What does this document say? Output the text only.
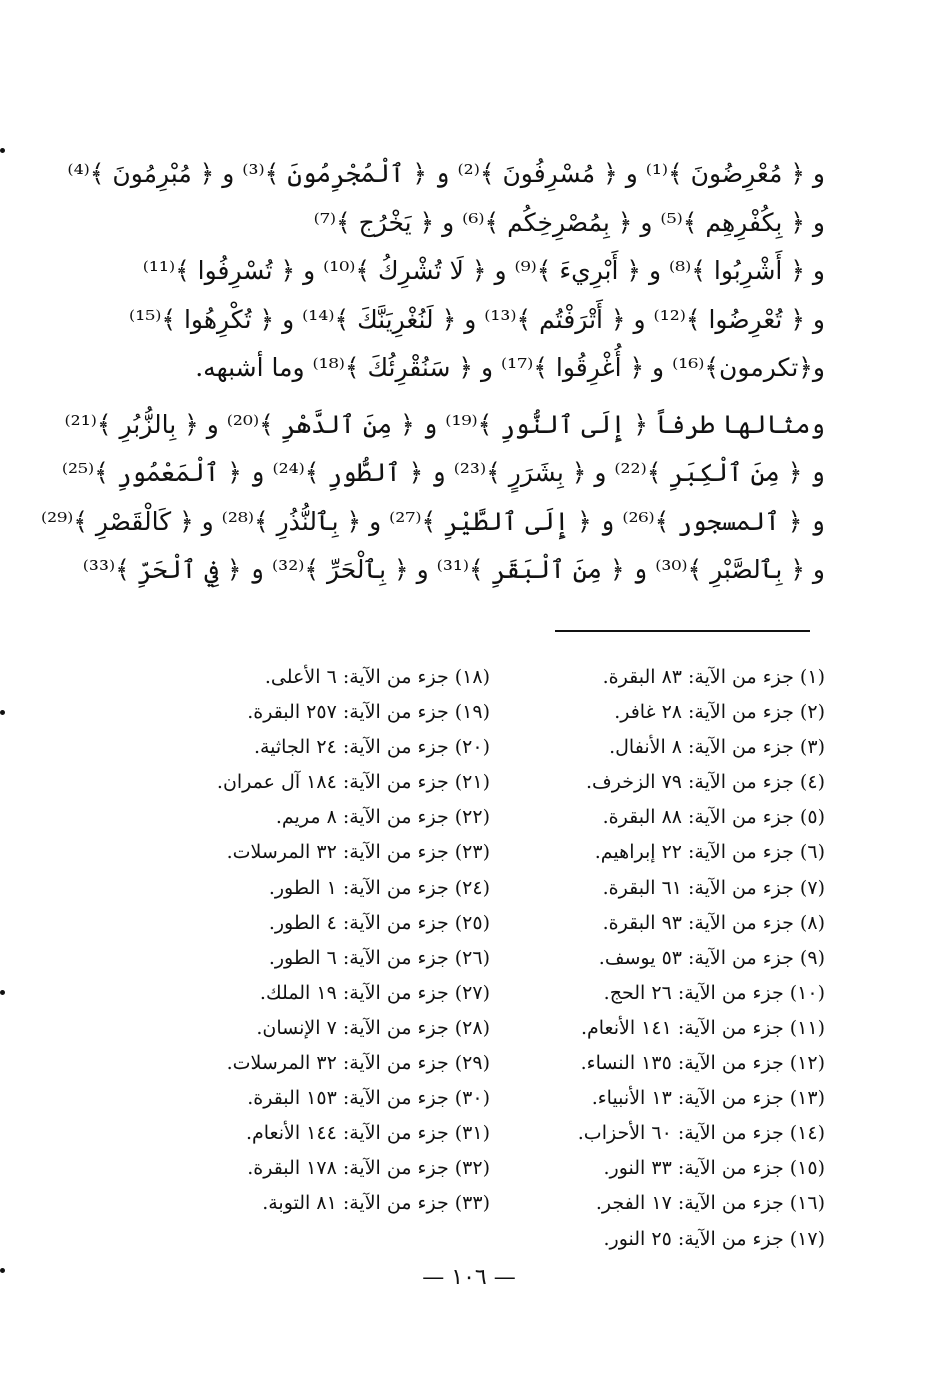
و ﴿ مُعْرِضُونَ ﴾⁽¹⁾ و ﴿ مُسْرِفُونَ ﴾⁽²⁾ و ﴿ ٱلْمُجْرِمُونَ ﴾⁽³⁾ و ﴿ مُبْرِمُونَ ﴾⁽⁴⁾
و ﴿ بِكُفْرِهِم ﴾⁽⁵⁾ و ﴿ بِمُصْرِخِكُم ﴾⁽⁶⁾ و ﴿ يَخْرُج ﴾⁽⁷⁾
و ﴿ أَشْرِبُوا ﴾⁽⁸⁾ و ﴿ أَبْرِيءَ ﴾⁽⁹⁾ و ﴿ لَا تُشْرِكُ ﴾⁽¹⁰⁾ و ﴿ تُسْرِفُوا ﴾⁽¹¹⁾
و ﴿ تُعْرِضُوا ﴾⁽¹²⁾ و ﴿ أَتْرَفْتُم ﴾⁽¹³⁾ و ﴿ لَنُغْرِيَنَّكَ ﴾⁽¹⁴⁾ و ﴿ تُكْرِهُوا ﴾⁽¹⁵⁾
و﴿تكرمون﴾⁽¹⁶⁾ و ﴿ أُغْرِقُوا ﴾⁽¹⁷⁾ و ﴿ سَنُقْرِئُكَ ﴾⁽¹⁸⁾ وما أشبهه.
ومثالها طرفاً ﴿ إِلَى ٱلنُّورِ ﴾⁽¹⁹⁾ و ﴿ مِنَ ٱلدَّهْرِ ﴾⁽²⁰⁾ و ﴿ بِالزُّبُرِ ﴾⁽²¹⁾
و ﴿ مِنَ ٱلْكِبَرِ ﴾⁽²²⁾ و ﴿ بِشَرَرٍ ﴾⁽²³⁾ و ﴿ ٱلطُّورِ ﴾⁽²⁴⁾ و ﴿ ٱلْمَعْمُورِ ﴾⁽²⁵⁾
و ﴿ ٱلمسجور ﴾⁽²⁶⁾ و ﴿ إِلَى ٱلطَّيْرِ ﴾⁽²⁷⁾ و ﴿ بِٱلنُّذُرِ ﴾⁽²⁸⁾ و ﴿ كَالْقَصْرِ ﴾⁽²⁹⁾
و ﴿ بِٱلصَّبْرِ ﴾⁽³⁰⁾ و ﴿ مِنَ ٱلْبَقَرِ ﴾⁽³¹⁾ و ﴿ بِٱلْحَرِّ ﴾⁽³²⁾ و ﴿ فِي ٱلْحَرِّ ﴾⁽³³⁾
(١) جزء من الآية: ٨٣ البقرة.
(٢) جزء من الآية: ٢٨ غافر.
(٣) جزء من الآية: ٨ الأنفال.
(٤) جزء من الآية: ٧٩ الزخرف.
(٥) جزء من الآية: ٨٨ البقرة.
(٦) جزء من الآية: ٢٢ إبراهيم.
(٧) جزء من الآية: ٦١ البقرة.
(٨) جزء من الآية: ٩٣ البقرة.
(٩) جزء من الآية: ٥٣ يوسف.
(١٠) جزء من الآية: ٢٦ الحج.
(١١) جزء من الآية: ١٤١ الأنعام.
(١٢) جزء من الآية: ١٣٥ النساء.
(١٣) جزء من الآية: ١٣ الأنبياء.
(١٤) جزء من الآية: ٦٠ الأحزاب.
(١٥) جزء من الآية: ٣٣ النور.
(١٦) جزء من الآية: ١٧ الفجر.
(١٧) جزء من الآية: ٢٥ النور.
(١٨) جزء من الآية: ٦ الأعلى.
(١٩) جزء من الآية: ٢٥٧ البقرة.
(٢٠) جزء من الآية: ٢٤ الجاثية.
(٢١) جزء من الآية: ١٨٤ آل عمران.
(٢٢) جزء من الآية: ٨ مريم.
(٢٣) جزء من الآية: ٣٢ المرسلات.
(٢٤) جزء من الآية: ١ الطور.
(٢٥) جزء من الآية: ٤ الطور.
(٢٦) جزء من الآية: ٦ الطور.
(٢٧) جزء من الآية: ١٩ الملك.
(٢٨) جزء من الآية: ٧ الإنسان.
(٢٩) جزء من الآية: ٣٢ المرسلات.
(٣٠) جزء من الآية: ١٥٣ البقرة.
(٣١) جزء من الآية: ١٤٤ الأنعام.
(٣٢) جزء من الآية: ١٧٨ البقرة.
(٣٣) جزء من الآية: ٨١ التوبة.
— ١٠٦ —
